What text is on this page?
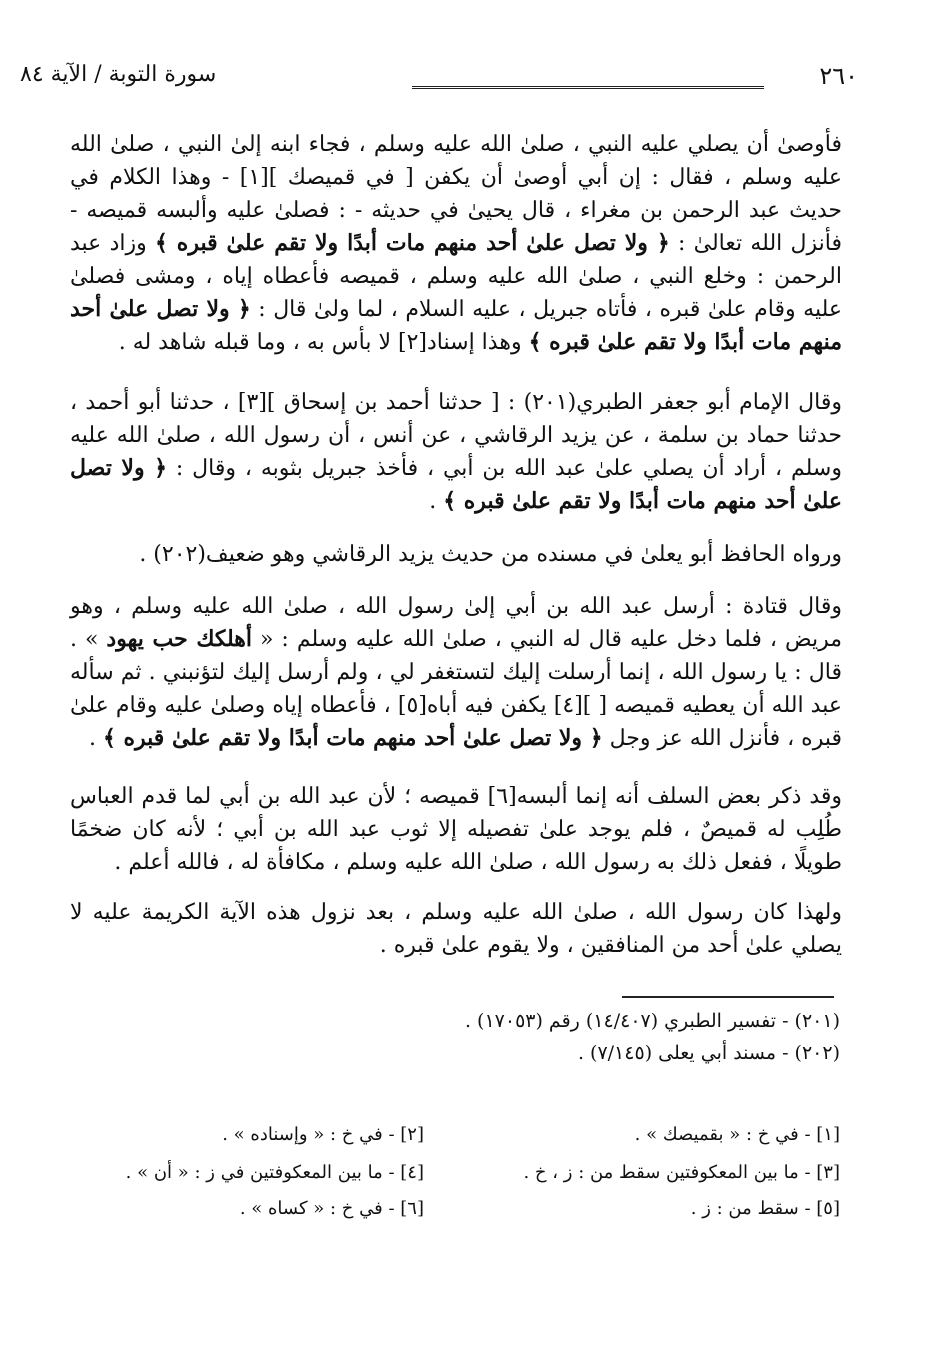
٢٦٠
سورة التوبة / الآية ٨٤
فأوصىٰ أن يصلي عليه النبي ، صلىٰ الله عليه وسلم ، فجاء ابنه إلىٰ النبي ، صلىٰ الله عليه وسلم ، فقال : إن أبي أوصىٰ أن يكفن [ في قميصك ][١] - وهذا الكلام في حديث عبد الرحمن بن مغراء ، قال يحيىٰ في حديثه - : فصلىٰ عليه وألبسه قميصه - فأنزل الله تعالىٰ : ﴿ ولا تصل علىٰ أحد منهم مات أبدًا ولا تقم علىٰ قبره ﴾ وزاد عبد الرحمن : وخلع النبي ، صلىٰ الله عليه وسلم ، قميصه فأعطاه إياه ، ومشى فصلىٰ عليه وقام علىٰ قبره ، فأتاه جبريل ، عليه السلام ، لما ولىٰ قال : ﴿ ولا تصل علىٰ أحد منهم مات أبدًا ولا تقم علىٰ قبره ﴾ وهذا إسناد[٢] لا بأس به ، وما قبله شاهد له .
وقال الإمام أبو جعفر الطبري(٢٠١) : [ حدثنا أحمد بن إسحاق ][٣] ، حدثنا أبو أحمد ، حدثنا حماد بن سلمة ، عن يزيد الرقاشي ، عن أنس ، أن رسول الله ، صلىٰ الله عليه وسلم ، أراد أن يصلي علىٰ عبد الله بن أبي ، فأخذ جبريل بثوبه ، وقال : ﴿ ولا تصل علىٰ أحد منهم مات أبدًا ولا تقم علىٰ قبره ﴾ .
ورواه الحافظ أبو يعلىٰ في مسنده من حديث يزيد الرقاشي وهو ضعيف(٢٠٢) .
وقال قتادة : أرسل عبد الله بن أبي إلىٰ رسول الله ، صلىٰ الله عليه وسلم ، وهو مريض ، فلما دخل عليه قال له النبي ، صلىٰ الله عليه وسلم : « أهلكك حب يهود » . قال : يا رسول الله ، إنما أرسلت إليك لتستغفر لي ، ولم أرسل إليك لتؤنبني . ثم سأله عبد الله أن يعطيه قميصه [ ][٤] يكفن فيه أباه[٥] ، فأعطاه إياه وصلىٰ عليه وقام علىٰ قبره ، فأنزل الله عز وجل ﴿ ولا تصل علىٰ أحد منهم مات أبدًا ولا تقم علىٰ قبره ﴾ .
وقد ذكر بعض السلف أنه إنما ألبسه[٦] قميصه ؛ لأن عبد الله بن أبي لما قدم العباس طُلِب له قميصٌ ، فلم يوجد علىٰ تفصيله إلا ثوب عبد الله بن أبي ؛ لأنه كان ضخمًا طويلًا ، ففعل ذلك به رسول الله ، صلىٰ الله عليه وسلم ، مكافأة له ، فالله أعلم .
ولهذا كان رسول الله ، صلىٰ الله عليه وسلم ، بعد نزول هذه الآية الكريمة عليه لا يصلي علىٰ أحد من المنافقين ، ولا يقوم علىٰ قبره .
(٢٠١) - تفسير الطبري (١٤/٤٠٧) رقم (١٧٠٥٣) .
(٢٠٢) - مسند أبي يعلى (٧/١٤٥) .
[١] - في خ : « بقميصك » .
[٢] - في خ : « وإسناده » .
[٣] - ما بين المعكوفتين سقط من : ز ، خ .
[٤] - ما بين المعكوفتين في ز : « أن » .
[٥] - سقط من : ز .
[٦] - في خ : « كساه » .
